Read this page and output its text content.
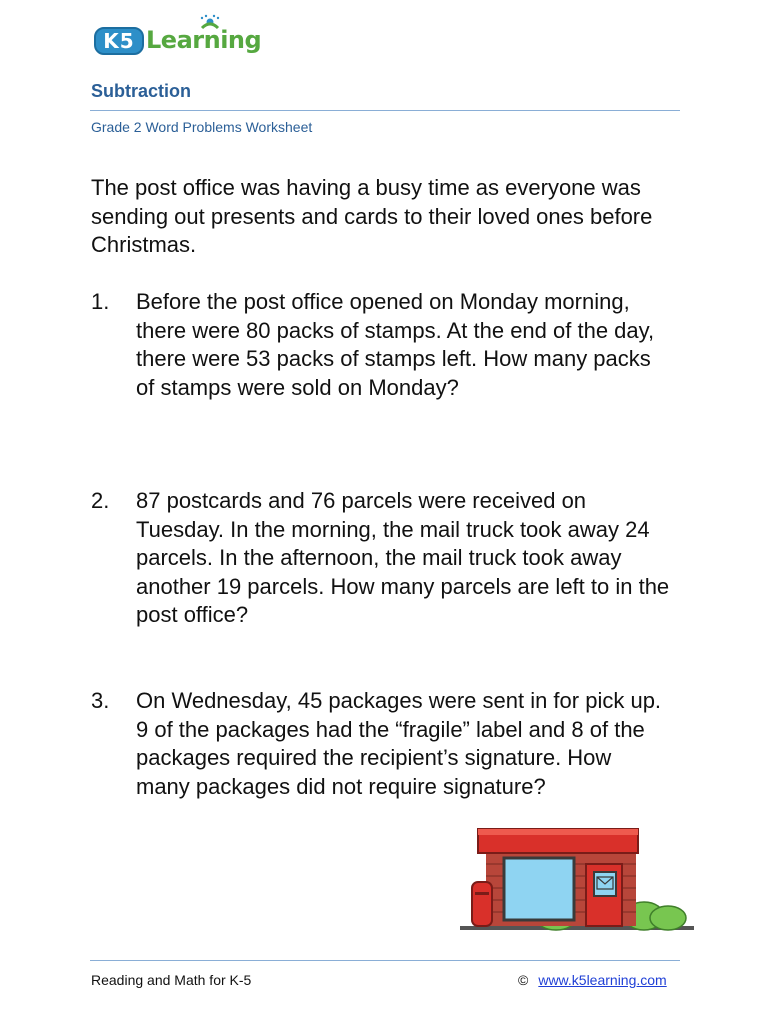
K5 Learning
Subtraction
Grade 2 Word Problems Worksheet
The post office was having a busy time as everyone was sending out presents and cards to their loved ones before Christmas.
1. Before the post office opened on Monday morning, there were 80 packs of stamps. At the end of the day, there were 53 packs of stamps left. How many packs of stamps were sold on Monday?
2. 87 postcards and 76 parcels were received on Tuesday. In the morning, the mail truck took away 24 parcels. In the afternoon, the mail truck took away another 19 parcels. How many parcels are left to in the post office?
3. On Wednesday, 45 packages were sent in for pick up. 9 of the packages had the “fragile” label and 8 of the packages required the recipient’s signature. How many packages did not require signature?
Reading and Math for K-5	© www.k5learning.com
